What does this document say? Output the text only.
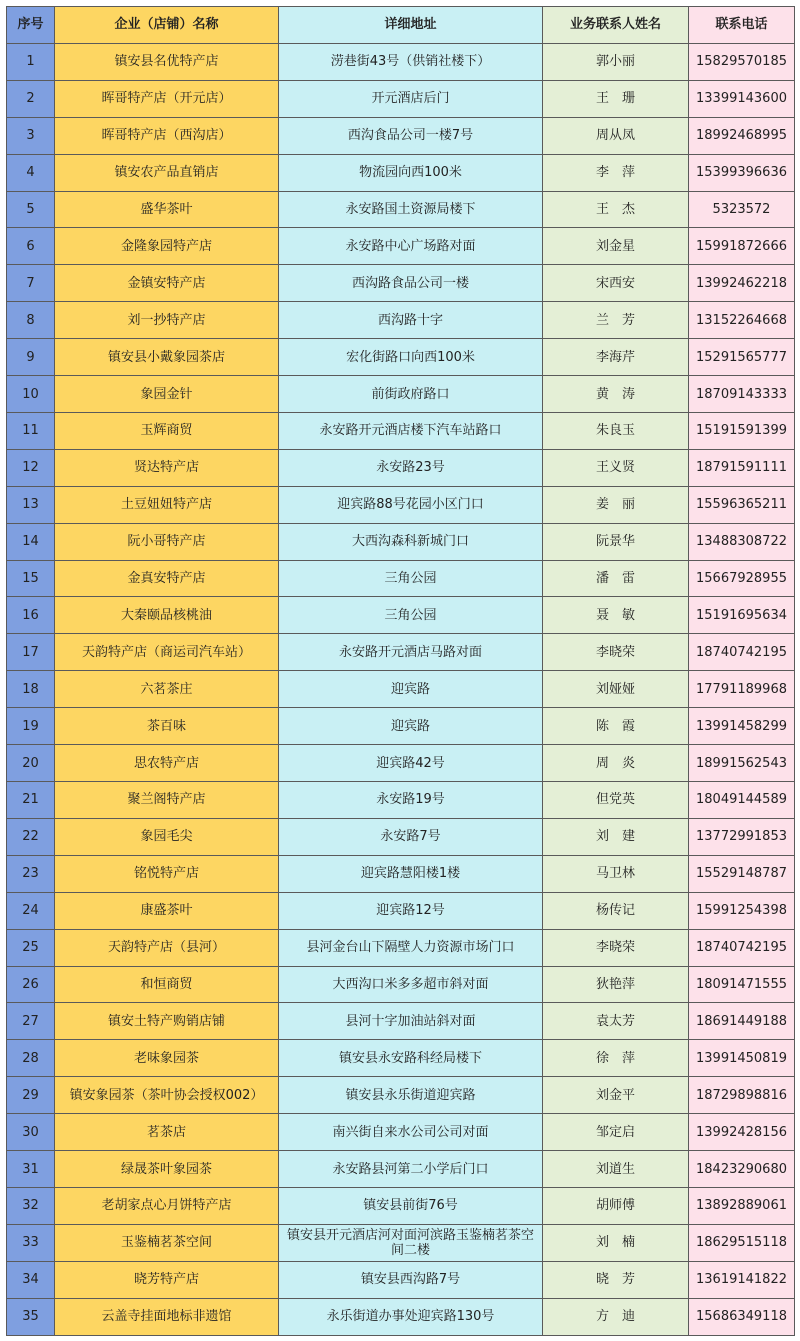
序号	企业（店铺）名称	详细地址	业务联系人姓名	联系电话
1	镇安县名优特产店	涝巷街43号（供销社楼下）	郭小丽	15829570185
2	晖哥特产店（开元店）	开元酒店后门	王　珊	13399143600
3	晖哥特产店（西沟店）	西沟食品公司一楼7号	周从凤	18992468995
4	镇安农产品直销店	物流园向西100米	李　萍	15399396636
5	盛华茶叶	永安路国土资源局楼下	王　杰	5323572
6	金隆象园特产店	永安路中心广场路对面	刘金星	15991872666
7	金镇安特产店	西沟路食品公司一楼	宋西安	13992462218
8	刘一抄特产店	西沟路十字	兰　芳	13152264668
9	镇安县小戴象园茶店	宏化街路口向西100米	李海芹	15291565777
10	象园金针	前街政府路口	黄　涛	18709143333
11	玉辉商贸	永安路开元酒店楼下汽车站路口	朱良玉	15191591399
12	贤达特产店	永安路23号	王义贤	18791591111
13	土豆妞妞特产店	迎宾路88号花园小区门口	姜　丽	15596365211
14	阮小哥特产店	大西沟森科新城门口	阮景华	13488308722
15	金真安特产店	三角公园	潘　雷	15667928955
16	大秦颐品核桃油	三角公园	聂　敏	15191695634
17	天韵特产店（商运司汽车站）	永安路开元酒店马路对面	李晓荣	18740742195
18	六茗茶庄	迎宾路	刘娅娅	17791189968
19	茶百味	迎宾路	陈　霞	13991458299
20	思农特产店	迎宾路42号	周　炎	18991562543
21	聚兰阁特产店	永安路19号	但党英	18049144589
22	象园毛尖	永安路7号	刘　建	13772991853
23	铭悦特产店	迎宾路慧阳楼1楼	马卫林	15529148787
24	康盛茶叶	迎宾路12号	杨传记	15991254398
25	天韵特产店（县河）	县河金台山下隔壁人力资源市场门口	李晓荣	18740742195
26	和恒商贸	大西沟口米多多超市斜对面	狄艳萍	18091471555
27	镇安土特产购销店铺	县河十字加油站斜对面	袁太芳	18691449188
28	老味象园茶	镇安县永安路科经局楼下	徐　萍	13991450819
29	镇安象园茶（茶叶协会授权002）	镇安县永乐街道迎宾路	刘金平	18729898816
30	茗茶店	南兴街自来水公司公司对面	邹定启	13992428156
31	绿晟茶叶象园茶	永安路县河第二小学后门口	刘道生	18423290680
32	老胡家点心月饼特产店	镇安县前街76号	胡师傅	13892889061
33	玉鉴楠茗茶空间	镇安县开元酒店河对面河滨路玉鉴楠茗茶空间二楼	刘　楠	18629515118
34	晓芳特产店	镇安县西沟路7号	晓　芳	13619141822
35	云盖寺挂面地标非遗馆	永乐街道办事处迎宾路130号	方　迪	15686349118
